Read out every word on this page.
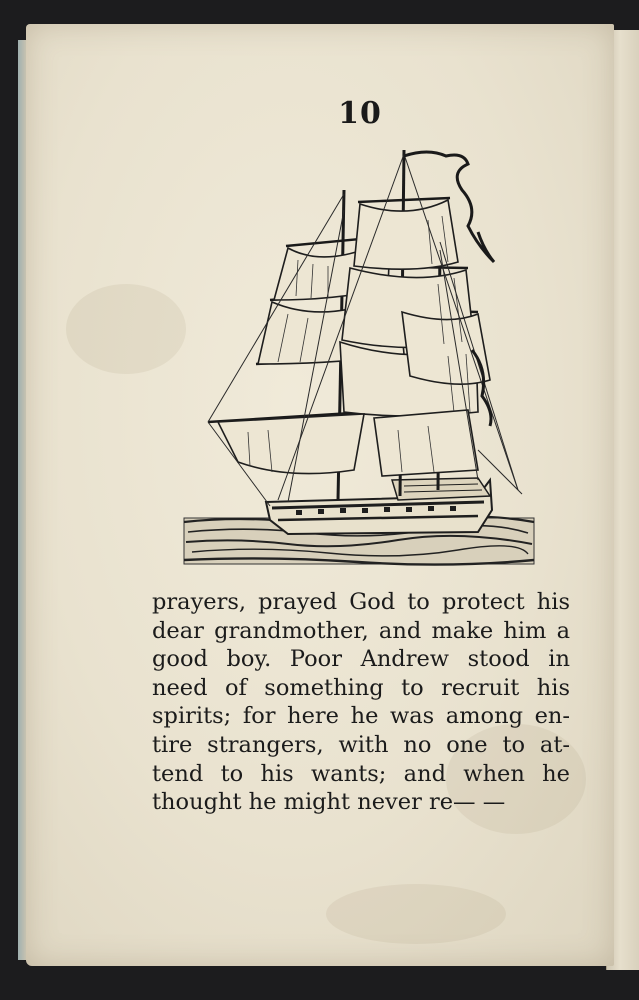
10
prayers, prayed God to protect his
dear grandmother, and make him a
good boy. Poor Andrew stood in
need of something to recruit his
spirits; for here he was among en-
tire strangers, with no one to at-
tend to his wants; and when he
thought he might never re— —
